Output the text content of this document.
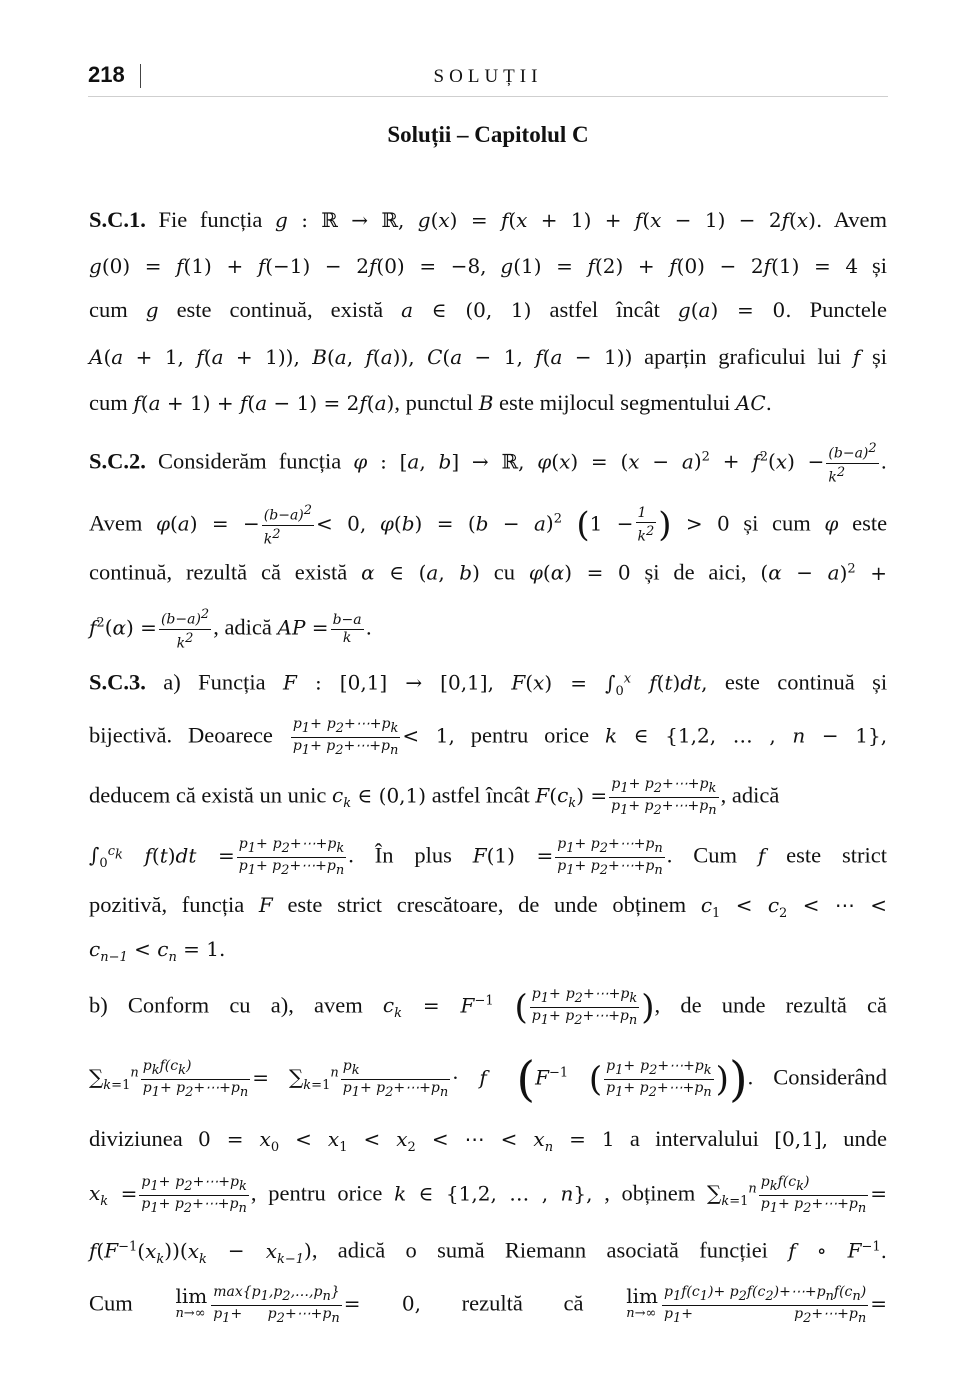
218	SOLUȚII
Soluții – Capitolul C
S.C.1. Fie funcția g : ℝ → ℝ, g(x) = f(x + 1) + f(x − 1) − 2f(x). Avem
g(0) = f(1) + f(−1) − 2f(0) = −8, g(1) = f(2) + f(0) − 2f(1) = 4 și
cum g este continuă, există a ∈ (0, 1) astfel încât g(a) = 0. Punctele
A(a + 1, f(a + 1)), B(a, f(a)), C(a − 1, f(a − 1)) aparțin graficului lui f și
cum f(a + 1) + f(a − 1) = 2f(a), punctul B este mijlocul segmentului AC.
S.C.2. Considerăm funcția φ : [a, b] → ℝ, $\varphi(x) = (x - a)^2 + f^2(x) - \frac{(b-a)^2}{k^2}$ .
Avem φ(a) = − $\frac{(b-a)^2}{k^2} < 0$, $\varphi(b) = (b - a)^2$ ($1 - \frac{1}{k^2}$ ) > 0 și cum φ este
continuă, rezultă că există α ∈ (a, b) cu φ(α) = 0 și de aici, $(\alpha - a)^2$ +
$f^2(\alpha) = \frac{(b-a)^2}{k^2}$ , adică AP = $\frac{b-a}{k}$ .
S.C.3. a) Funcția F : [0,1] → [0,1], $F(x) = \int_0^x$ f(t)dt, este continuă și
bijectivă. Deoarece $\frac{p_1+ p_2+\cdots+p_k}{p_1+ p_2+\cdots+p_n} < 1$, pentru orice k ∈ {1,2, … , n − 1},
deducem că există un unic $c_k$ ∈ (0,1) astfel încât $F(c_k) = \frac{p_1+ p_2+\cdots+p_k}{p_1+ p_2+\cdots+p_n}$ , adică
$\int_0^{c_k}$ $f(t)dt = \frac{p_1+ p_2+\cdots+p_k}{p_1+ p_2+\cdots+p_n}$ . În plus $F(1) = \frac{p_1+ p_2+\cdots+p_n}{p_1+ p_2+\cdots+p_n}$ . Cum f este strict
pozitivă, funcția F este strict crescătoare, de unde obținem $c_1 < c_2$ < ⋯ <
$c_{n-1} < c_n = 1$.
b) Conform cu a), avem $c_k = F^{-1}$ ( $\frac{p_1+ p_2+\cdots+p_k}{p_1+ p_2+\cdots+p_n}$ ), de unde rezultă că
$\sum_{k=1}^n$ $p_kf(c_k)$
$p_1+$ $p_2+\cdots+p_n$
= $\sum_{k=1}^n \frac{p_k}{p_1+ p_2+\cdots+p_n} \cdot f$ ($F^{-1}$ ( $\frac{p_1+ p_2+\cdots+p_k}{p_1+ p_2+\cdots+p_n}$ )). Considerând
diviziunea $0 = x_0 < x_1 < x_2$ < ⋯ < $x_n = 1$ a intervalului [0,1], unde
$x_k = \frac{p_1+ p_2+\cdots+p_k}{p_1+ p_2+\cdots+p_n}$ , pentru orice k ∈ {1,2, … , n}, , obținem $\sum_{k=1}^n$ $p_kf(c_k)$
$p_1+$ $p_2+\cdots+p_n$
=
$f(F^{-1}(x_k))(x_k - x_{k-1})$, adică o sumă Riemann asociată funcției f ∘ $F^{-1}$.
Cum lim
n→∞
$\max\{p_1,p_2,\dots,p_n\}$
$p_1+$ $p_2+\cdots+p_n$
= 0, rezultă că lim
n→∞
$p_1f(c_1)+$ $p_2f(c_2)+\cdots+p_nf(c_n)$
$p_1+$ $p_2+\cdots+p_n$
=
